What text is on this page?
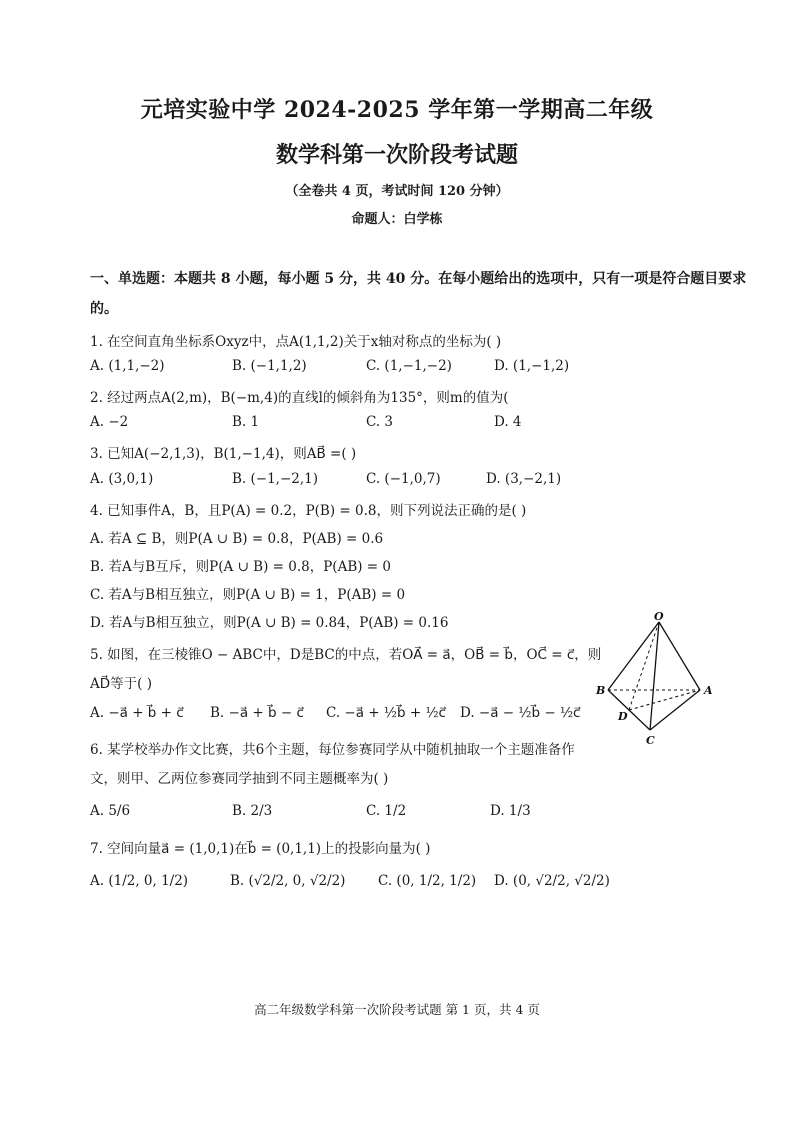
元培实验中学 2024-2025 学年第一学期高二年级
数学科第一次阶段考试题
（全卷共 4 页，考试时间 120 分钟）
命题人：白学栋
一、单选题：本题共 8 小题，每小题 5 分，共 40 分。在每小题给出的选项中，只有一项是符合题目要求
的。
1. 在空间直角坐标系Oxyz中，点A(1,1,2)关于x轴对称点的坐标为( )
A. (1,1,−2)	B. (−1,1,2)	C. (1,−1,−2)	D. (1,−1,2)
2. 经过两点A(2,m)，B(−m,4)的直线l的倾斜角为135°，则m的值为(
A. −2	B. 1	C. 3	D. 4
3. 已知A(−2,1,3)，B(1,−1,4)，则AB⃗ =( )
A. (3,0,1)	B. (−1,−2,1)	C. (−1,0,7)	D. (3,−2,1)
4. 已知事件A，B，且P(A) = 0.2，P(B) = 0.8，则下列说法正确的是( )
A. 若A ⊆ B，则P(A ∪ B) = 0.8，P(AB) = 0.6
B. 若A与B互斥，则P(A ∪ B) = 0.8，P(AB) = 0
C. 若A与B相互独立，则P(A ∪ B) = 1，P(AB) = 0
D. 若A与B相互独立，则P(A ∪ B) = 0.84，P(AB) = 0.16
5. 如图，在三棱锥O − ABC中，D是BC的中点，若OA⃗ = a⃗，OB⃗ = b⃗，OC⃗ = c⃗，则
AD⃗等于( )
A. −a⃗ + b⃗ + c⃗ B. −a⃗ + b⃗ − c⃗ C. −a⃗ + ½b⃗ + ½c⃗ D. −a⃗ − ½b⃗ − ½c⃗
O
A
B
C
D
6. 某学校举办作文比赛，共6个主题，每位参赛同学从中随机抽取一个主题准备作
文，则甲、乙两位参赛同学抽到不同主题概率为( )
A. 5/6	B. 2/3	C. 1/2	D. 1/3
7. 空间向量a⃗ = (1,0,1)在b⃗ = (0,1,1)上的投影向量为( )
A. (1/2, 0, 1/2)	B. (√2/2, 0, √2/2) C. (0, 1/2, 1/2) D. (0, √2/2, √2/2)
高二年级数学科第一次阶段考试题 第 1 页，共 4 页
